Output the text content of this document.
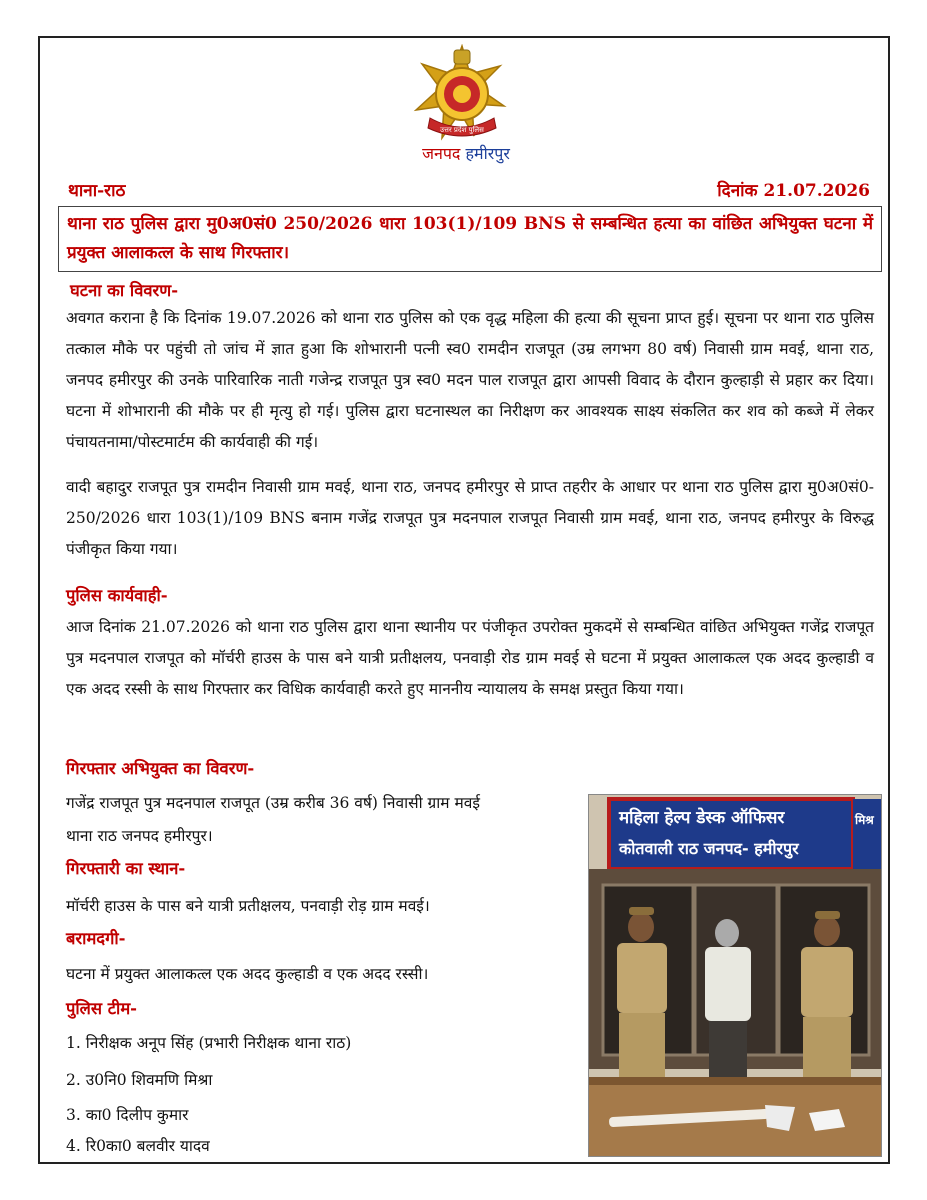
उत्तर प्रदेश पुलिस
जनपद हमीरपुर
थाना-राठ	दिनांक 21.07.2026
थाना राठ पुलिस द्वारा मु0अ0सं0 250/2026 धारा 103(1)/109 BNS से सम्बन्धित हत्या का वांछित अभियुक्त घटना में प्रयुक्त आलाकत्ल के साथ गिरफ्तार।
घटना का विवरण-
अवगत कराना है कि दिनांक 19.07.2026 को थाना राठ पुलिस को एक वृद्ध महिला की हत्या की सूचना प्राप्त हुई। सूचना पर थाना राठ पुलिस तत्काल मौके पर पहुंची तो जांच में ज्ञात हुआ कि शोभारानी पत्नी स्व0 रामदीन राजपूत (उम्र लगभग 80 वर्ष) निवासी ग्राम मवई, थाना राठ, जनपद हमीरपुर की उनके पारिवारिक नाती गजेन्द्र राजपूत पुत्र स्व0 मदन पाल राजपूत द्वारा आपसी विवाद के दौरान कुल्हाड़ी से प्रहार कर दिया। घटना में शोभारानी की मौके पर ही मृत्यु हो गई। पुलिस द्वारा घटनास्थल का निरीक्षण कर आवश्यक साक्ष्य संकलित कर शव को कब्जे में लेकर पंचायतनामा/पोस्टमार्टम की कार्यवाही की गई।
वादी बहादुर राजपूत पुत्र रामदीन निवासी ग्राम मवई, थाना राठ, जनपद हमीरपुर से प्राप्त तहरीर के आधार पर थाना राठ पुलिस द्वारा मु0अ0सं0- 250/2026 धारा 103(1)/109 BNS बनाम गजेंद्र राजपूत पुत्र मदनपाल राजपूत निवासी ग्राम मवई, थाना राठ, जनपद हमीरपुर के विरुद्ध पंजीकृत किया गया।
पुलिस कार्यवाही-
आज दिनांक 21.07.2026 को थाना राठ पुलिस द्वारा थाना स्थानीय पर पंजीकृत उपरोक्त मुकदमें से सम्बन्धित वांछित अभियुक्त गजेंद्र राजपूत पुत्र मदनपाल राजपूत को मॉर्चरी हाउस के पास बने यात्री प्रतीक्षलय, पनवाड़ी रोड ग्राम मवई से घटना में प्रयुक्त आलाकत्ल एक अदद कुल्हाडी व एक अदद रस्सी के साथ गिरफ्तार कर विधिक कार्यवाही करते हुए माननीय न्यायालय के समक्ष प्रस्तुत किया गया।
गिरफ्तार अभियुक्त का विवरण-
गजेंद्र राजपूत पुत्र मदनपाल राजपूत (उम्र करीब 36 वर्ष) निवासी ग्राम मवई
थाना राठ जनपद हमीरपुर।
गिरफ्तारी का स्थान-
मॉर्चरी हाउस के पास बने यात्री प्रतीक्षलय, पनवाड़ी रोड़ ग्राम मवई।
बरामदगी-
घटना में प्रयुक्त आलाकत्ल एक अदद कुल्हाडी व एक अदद रस्सी।
पुलिस टीम-
1. निरीक्षक अनूप सिंह (प्रभारी निरीक्षक थाना राठ)
2. उ0नि0 शिवमणि मिश्रा
3. का0 दिलीप कुमार
4. रि0का0 बलवीर यादव
महिला हेल्प डेस्क ऑफिसर
कोतवाली राठ जनपद- हमीरपुर
मिश्र
